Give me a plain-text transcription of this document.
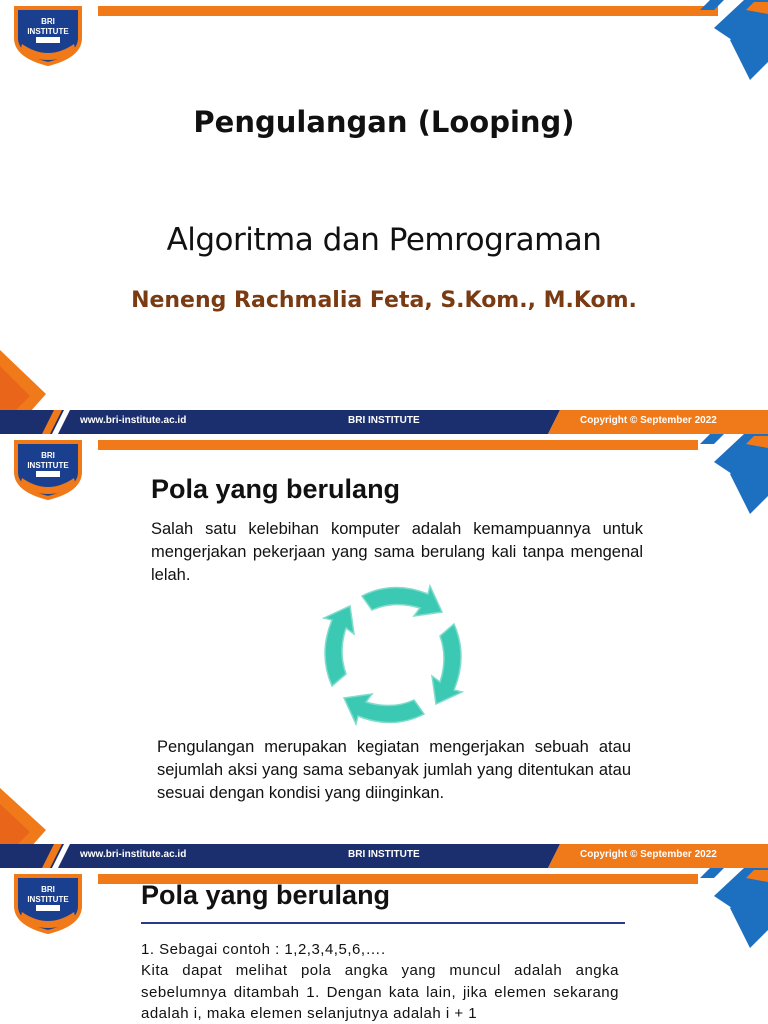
BRI
INSTITUTE
Pengulangan (Looping)
Algoritma dan Pemrograman
Neneng Rachmalia Feta, S.Kom., M.Kom.
www.bri-institute.ac.id	BRI INSTITUTE	Copyright © September 2022
BRI
INSTITUTE
Pola yang berulang
Salah satu kelebihan komputer adalah kemampuannya untuk mengerjakan pekerjaan yang sama berulang kali tanpa mengenal lelah.
Pengulangan merupakan kegiatan mengerjakan sebuah atau sejumlah aksi yang sama sebanyak jumlah yang ditentukan atau sesuai dengan kondisi yang diinginkan.
www.bri-institute.ac.id	BRI INSTITUTE	Copyright © September 2022
BRI
INSTITUTE	Pola yang berulang
1. Sebagai contoh : 1,2,3,4,5,6,….
Kita dapat melihat pola angka yang muncul adalah angka sebelumnya ditambah 1. Dengan kata lain, jika elemen sekarang adalah i, maka elemen selanjutnya adalah i + 1
